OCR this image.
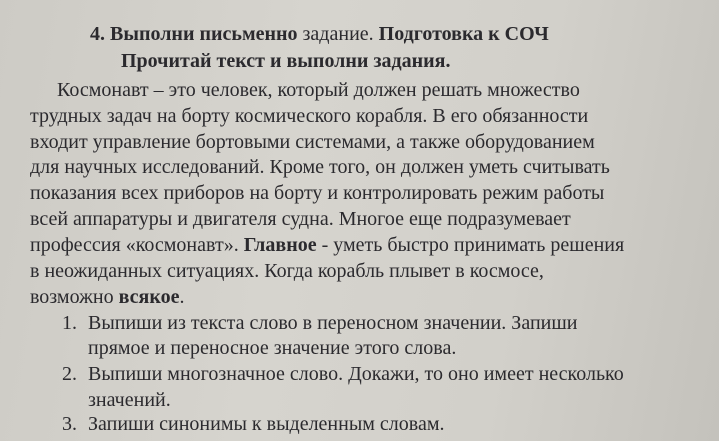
4. Выполни письменно задание. Подготовка к СОЧ
Прочитай текст и выполни задания.
Космонавт – это человек, который должен решать множество
трудных задач на борту космического корабля. В его обязанности
входит управление бортовыми системами, а также оборудованием
для научных исследований. Кроме того, он должен уметь считывать
показания всех приборов на борту и контролировать режим работы
всей аппаратуры и двигателя судна. Многое еще подразумевает
профессия «космонавт». Главное - уметь быстро принимать решения
в неожиданных ситуациях. Когда корабль плывет в космосе,
возможно всякое.
1. Выпиши из текста слово в переносном значении. Запиши
прямое и переносное значение этого слова.
2. Выпиши многозначное слово. Докажи, то оно имеет несколько
значений.
3. Запиши синонимы к выделенным словам.
